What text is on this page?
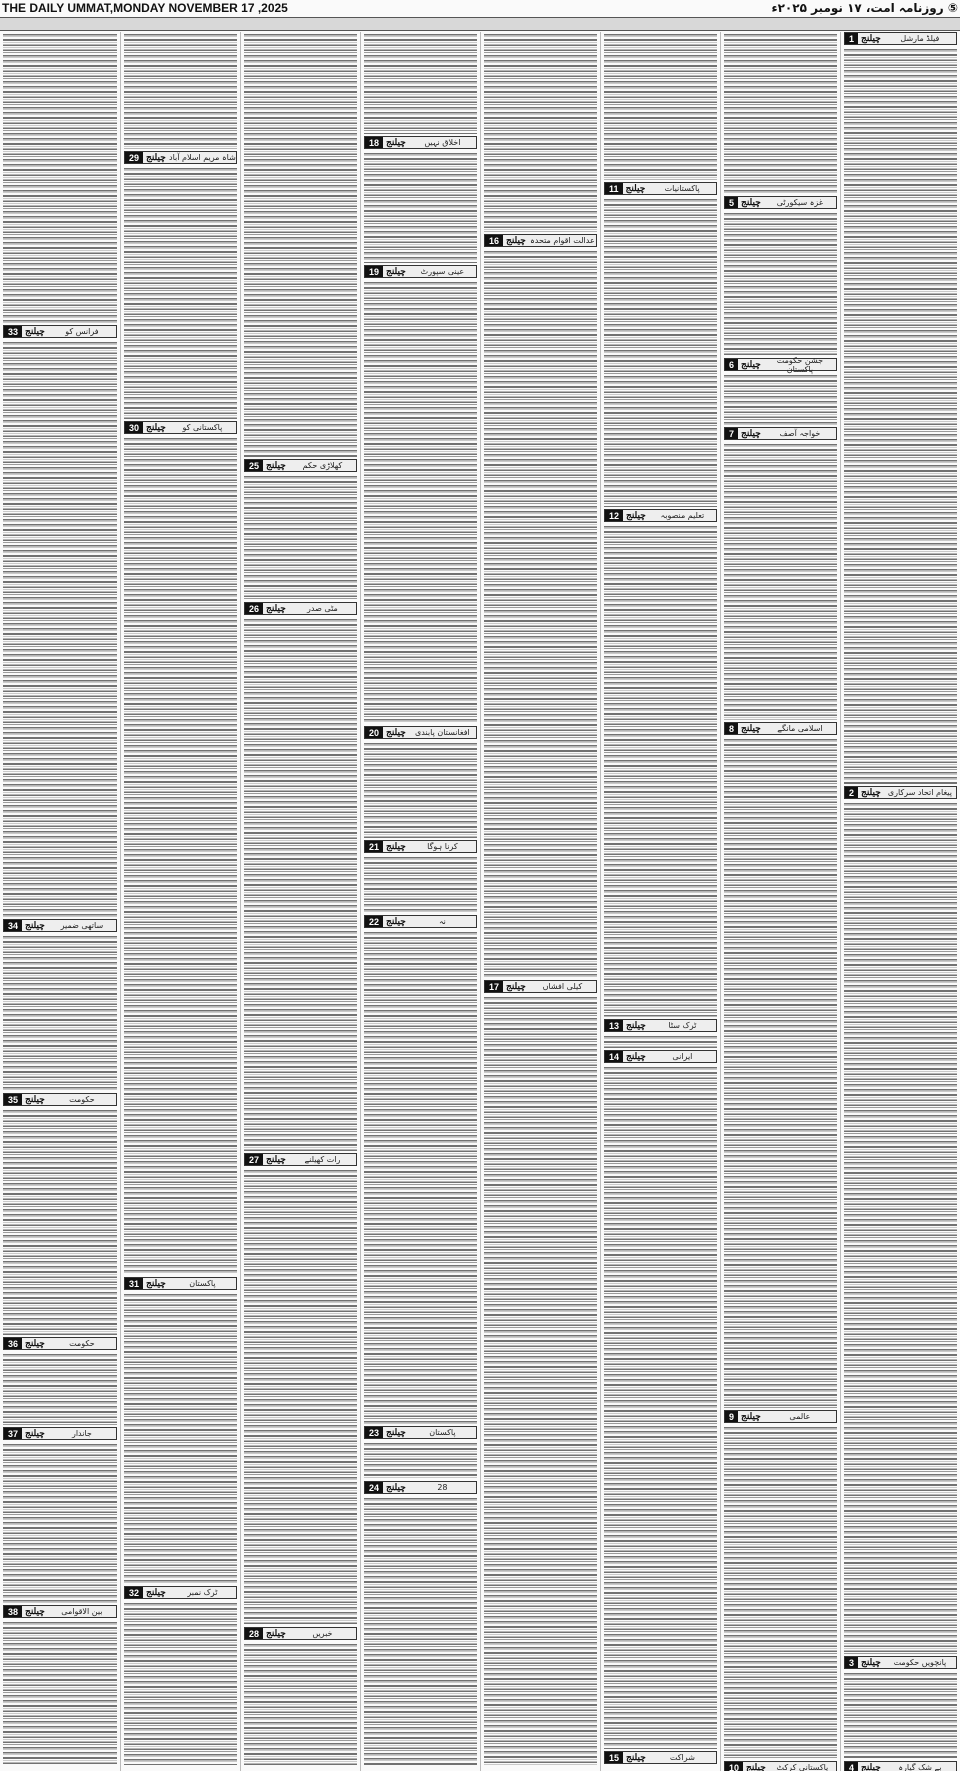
THE DAILY UMMAT,MONDAY NOVEMBER 17 ,2025	⑤ روزنامہ امت، ۱۷ نومبر ۲۰۲۵ء
1 چیلنج	فیلڈ مارشل
2 چیلنج پیغام اتحاد سرکاری
3 چیلنج	پانچویں حکومت
4 چیلنج	بے شک گیارہ
5 چیلنج	غزہ سیکورٹی
6 چیلنج	جشن حکومت پاکستان
7 چیلنج	خواجہ آصف
8 چیلنج	اسلامی مانگے
9 چیلنج	عالمی
10 چیلنج	پاکستانی کرکٹ
11 چیلنج	پاکستانیات
12 چیلنج	تعلیم منصوبہ
13 چیلنج	ٹرک سٹا
14 چیلنج	ایرانی
15 چیلنج	شراکت
16 چیلنج عدالت اقوام متحدہ
17 چیلنج	کیلی افشاں
18 چیلنج	اخلاق نہیں
19 چیلنج	عینی سپورٹ
20 چیلنج	افغانستان پابندی
21 چیلنج	کرنا ہوگا
22 چیلنج	نہ
23 چیلنج	پاکستان
24 چیلنج	28
25 چیلنج	کھلاڑی حکم
26 چیلنج	مٹی صدر
27 چیلنج	رات کھیلنے
28 چیلنج	خبریں
29 چیلنج شاہ مریم اسلام آباد
30 چیلنج	پاکستانی کو
31 چیلنج	پاکستان
32 چیلنج	ٹرک نمبر
33 چیلنج	فرانس کو
34 چیلنج	ساتھی ضمیر
35 چیلنج	حکومت
36 چیلنج	حکومت
37 چیلنج	جاندار
38 چیلنج	بین الاقوامی
